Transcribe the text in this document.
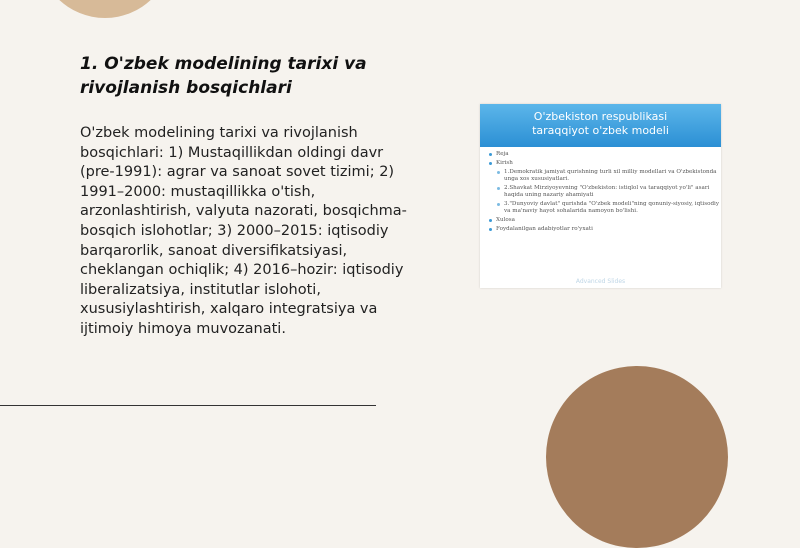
1. O'zbek modelining tarixi va rivojlanish bosqichlari
O'zbek modelining tarixi va rivojlanish bosqichlari: 1) Mustaqillikdan oldingi davr (pre-1991): agrar va sanoat sovet tizimi; 2) 1991–2000: mustaqillikka o'tish, arzonlashtirish, valyuta nazorati, bosqichma-bosqich islohotlar; 3) 2000–2015: iqtisodiy barqarorlik, sanoat diversifikatsiyasi, cheklangan ochiqlik; 4) 2016–hozir: iqtisodiy liberalizatsiya, institutlar islohoti, xususiylashtirish, xalqaro integratsiya va ijtimoiy himoya muvozanati.
O'zbekiston respublikasi
taraqqiyot o'zbek modeli
Reja
Kirish
1.Demokratik jamiyat qurishning turli xil milliy modellari va O'zbekistonda unga xos xususiyatlari.
2.Shavkat Mirziyoyevning "O'zbekiston: istiqlol va taraqqiyot yo'li" asari haqida uning nazariy ahamiyati
3."Dunyoviy davlat" qurishda "O'zbek modeli"ning qonuniy-siyosiy, iqtisodiy va ma'naviy hayot sohalarida namoyon bo'lishi.
Xulosa
Foydalanilgan adabiyotlar ro'yxati
Advanced Slides
